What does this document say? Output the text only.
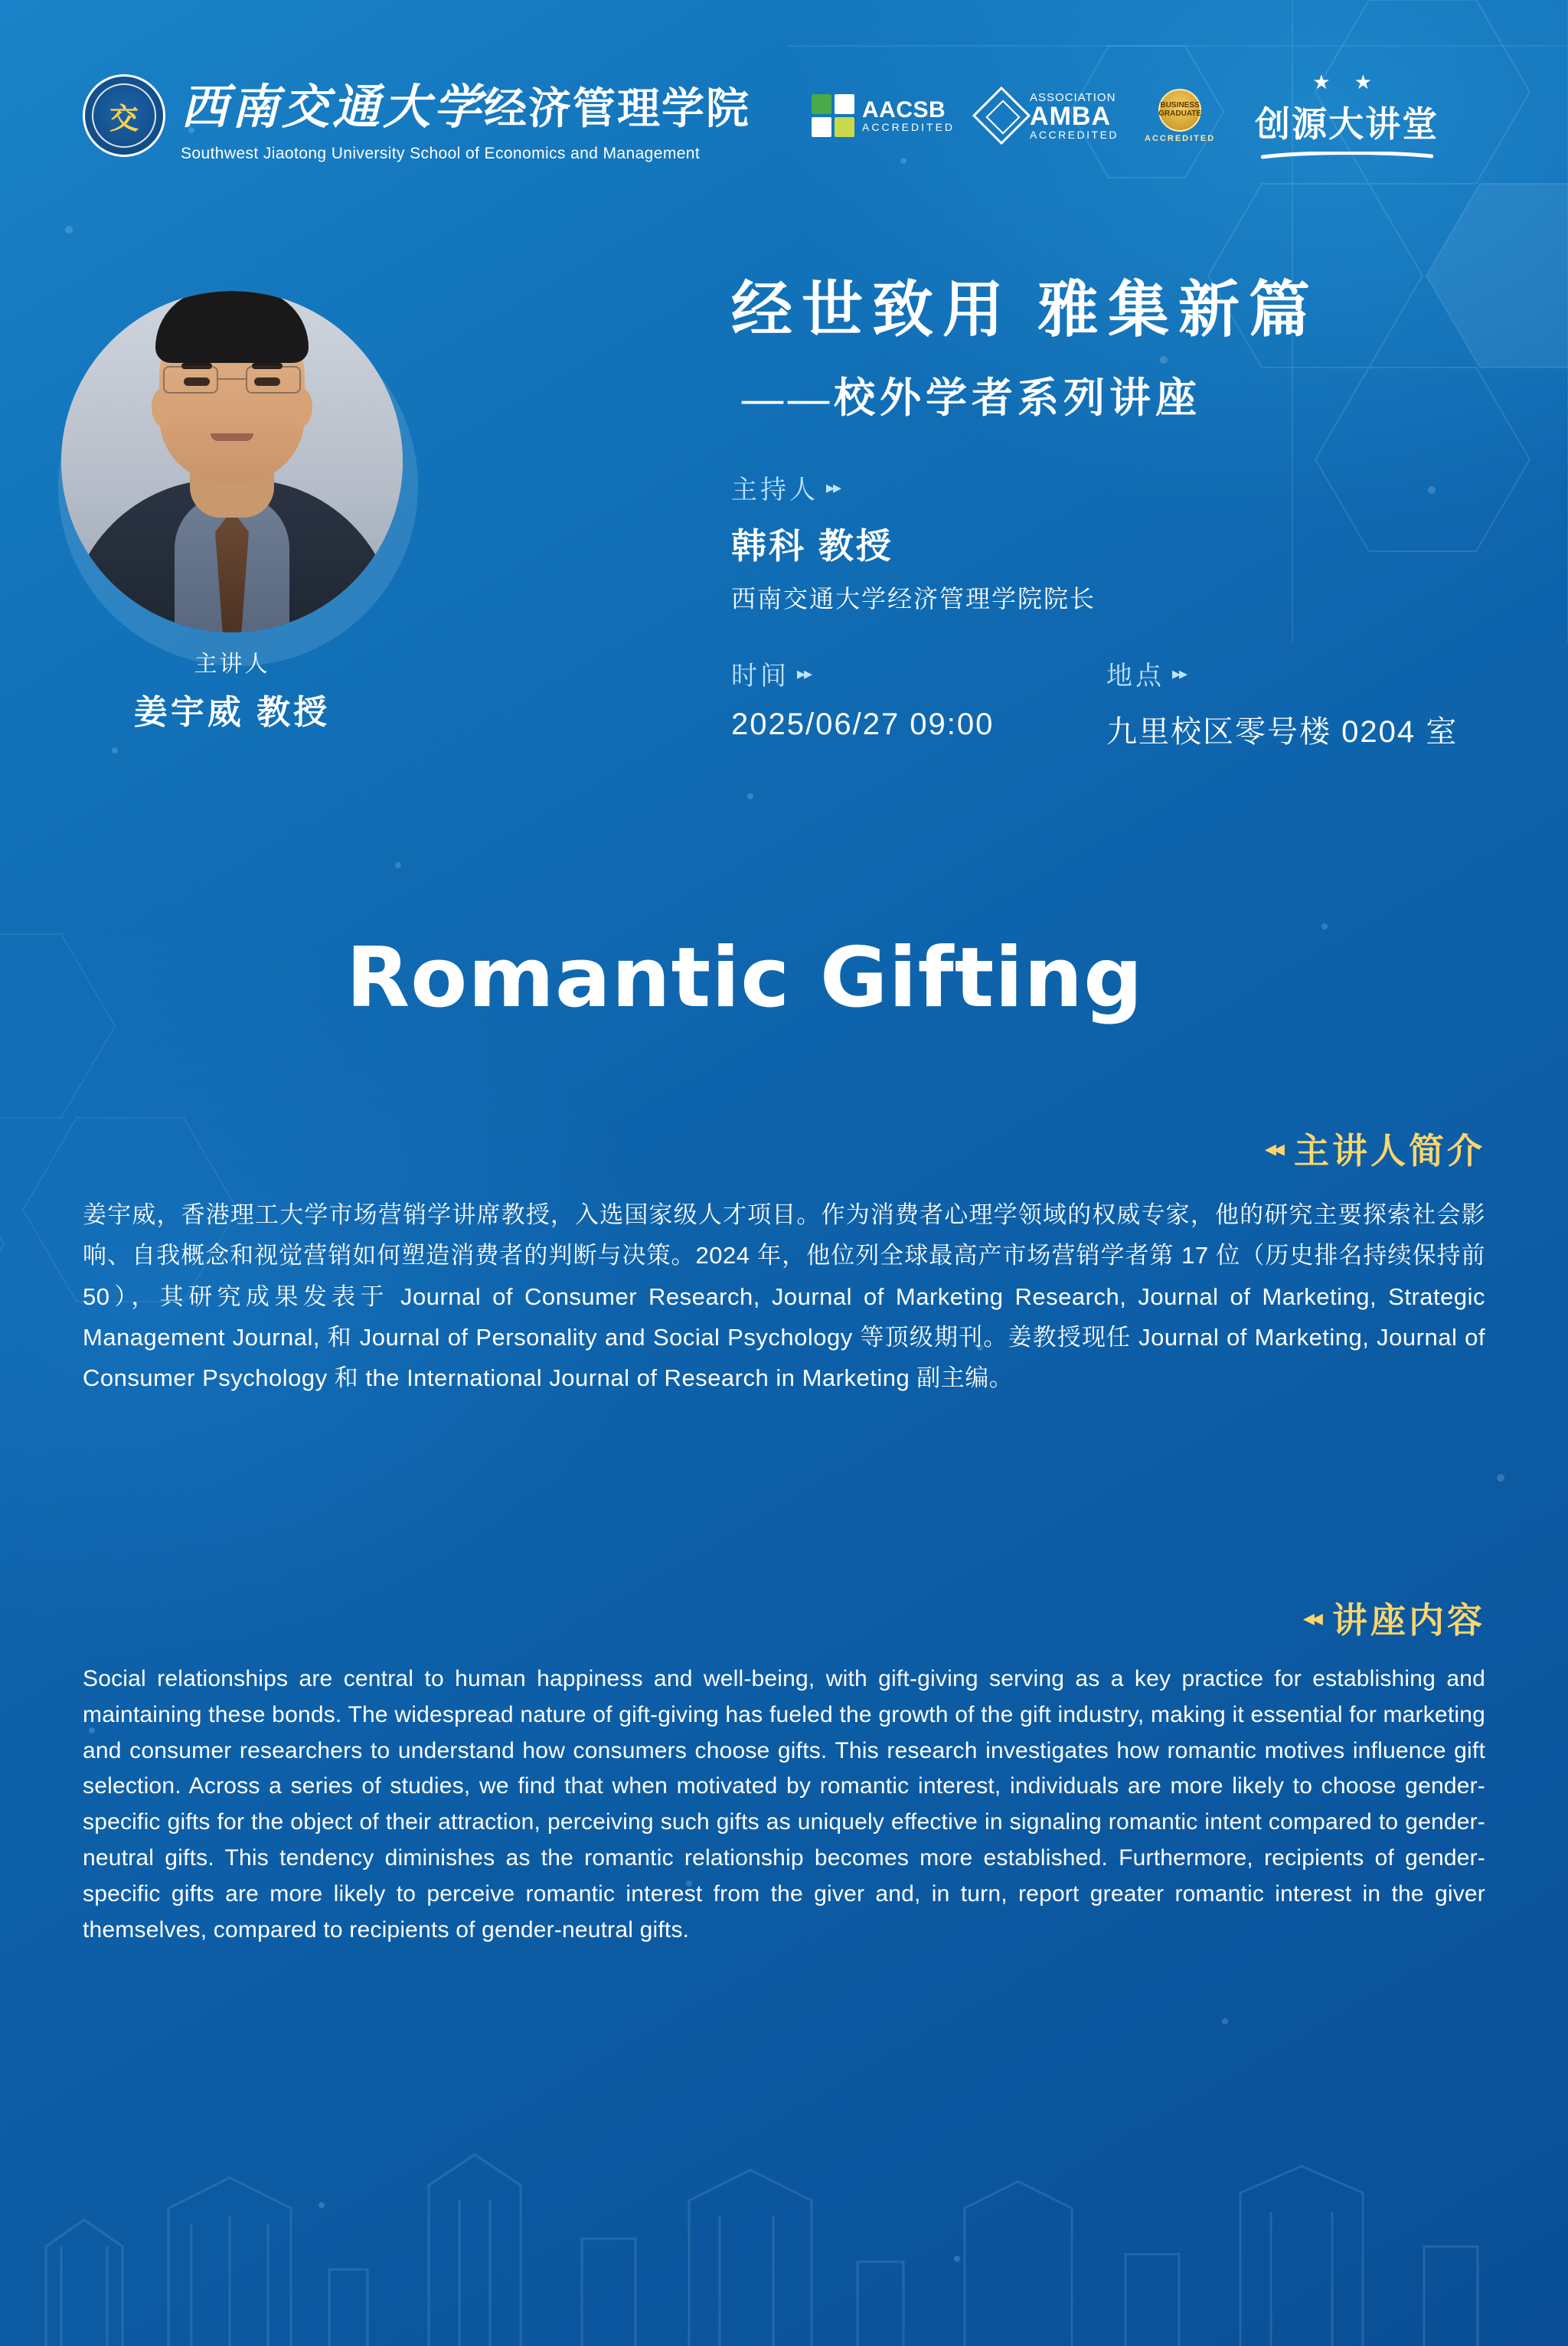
交 西南交通大学经济管理学院
Southwest Jiaotong University School of Economics and Management
AACSB
ACCREDITED
ASSOCIATION
AMBA
ACCREDITED
BUSINESS GRADUATE
ACCREDITED
★ ★
创源大讲堂
主讲人
姜宇威 教授
经世致用 雅集新篇
——校外学者系列讲座
主持人 ▸▸
韩科 教授
西南交通大学经济管理学院院长
时间 ▸▸
2025/06/27 09:00
地点 ▸▸
九里校区零号楼 0204 室
Romantic Gifting
◂◂ 主讲人简介
姜宇威，香港理工大学市场营销学讲席教授，入选国家级人才项目。作为消费者心理学领域的权威专家，他的研究主要探索社会影响、自我概念和视觉营销如何塑造消费者的判断与决策。2024 年，他位列全球最高产市场营销学者第 17 位（历史排名持续保持前 50），其研究成果发表于 Journal of Consumer Research, Journal of Marketing Research, Journal of Marketing, Strategic Management Journal, 和 Journal of Personality and Social Psychology 等顶级期刊。姜教授现任 Journal of Marketing, Journal of Consumer Psychology 和 the International Journal of Research in Marketing 副主编。
◂◂ 讲座内容
Social relationships are central to human happiness and well-being, with gift-giving serving as a key practice for establishing and maintaining these bonds. The widespread nature of gift-giving has fueled the growth of the gift industry, making it essential for marketing and consumer researchers to understand how consumers choose gifts. This research investigates how romantic motives influence gift selection. Across a series of studies, we find that when motivated by romantic interest, individuals are more likely to choose gender-specific gifts for the object of their attraction, perceiving such gifts as uniquely effective in signaling romantic intent compared to gender-neutral gifts. This tendency diminishes as the romantic relationship becomes more established. Furthermore, recipients of gender-specific gifts are more likely to perceive romantic interest from the giver and, in turn, report greater romantic interest in the giver themselves, compared to recipients of gender-neutral gifts.
